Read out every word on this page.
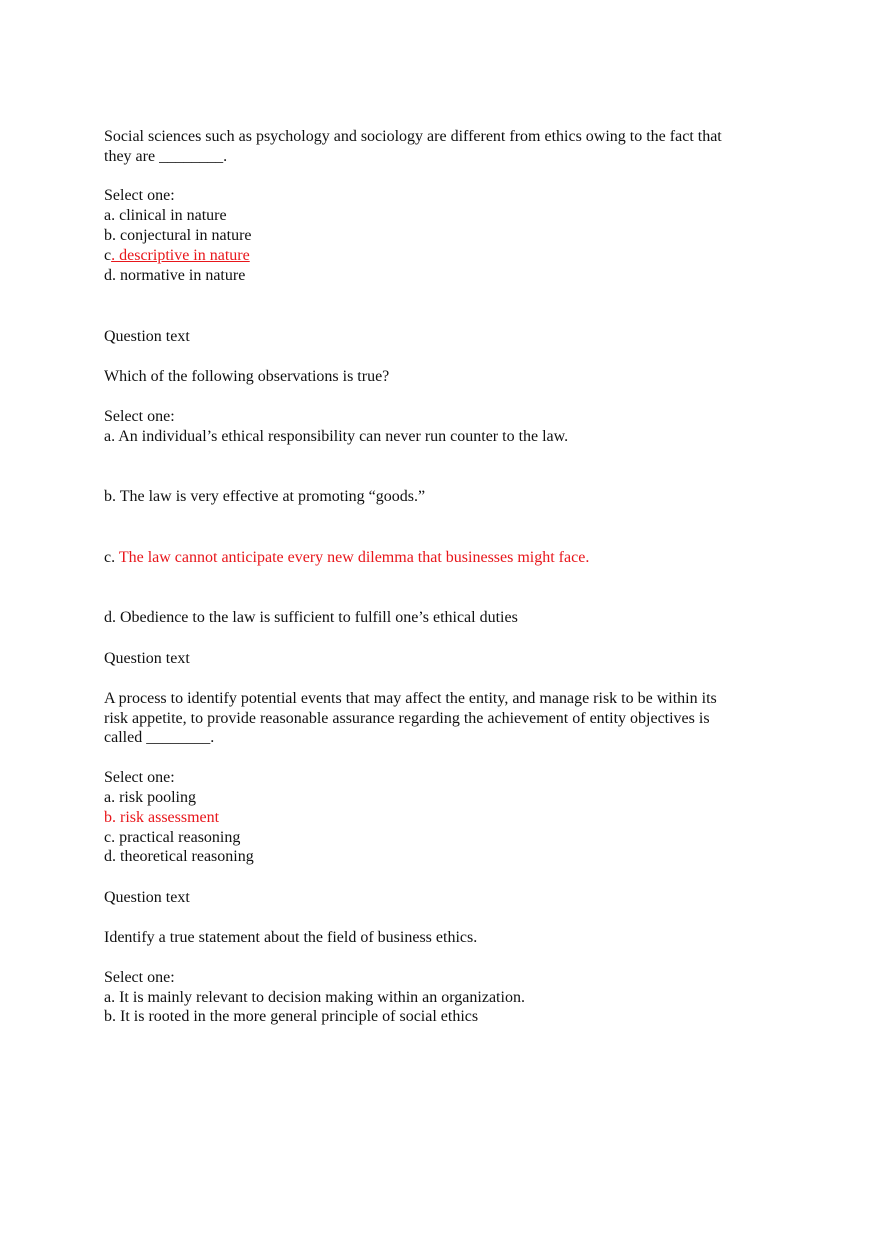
Social sciences such as psychology and sociology are different from ethics owing to the fact that

they are ________.

Select one:

a. clinical in nature

b. conjectural in nature

c. descriptive in nature

d. normative in nature

Question text

Which of the following observations is true?

Select one:

a. An individual’s ethical responsibility can never run counter to the law.

b. The law is very effective at promoting “goods.”

c. The law cannot anticipate every new dilemma that businesses might face.

d. Obedience to the law is sufficient to fulfill one’s ethical duties

Question text

A process to identify potential events that may affect the entity, and manage risk to be within its

risk appetite, to provide reasonable assurance regarding the achievement of entity objectives is

called ________.

Select one:

a. risk pooling

b. risk assessment

c. practical reasoning

d. theoretical reasoning

Question text

Identify a true statement about the field of business ethics.

Select one:

a. It is mainly relevant to decision making within an organization.

b. It is rooted in the more general principle of social ethics
